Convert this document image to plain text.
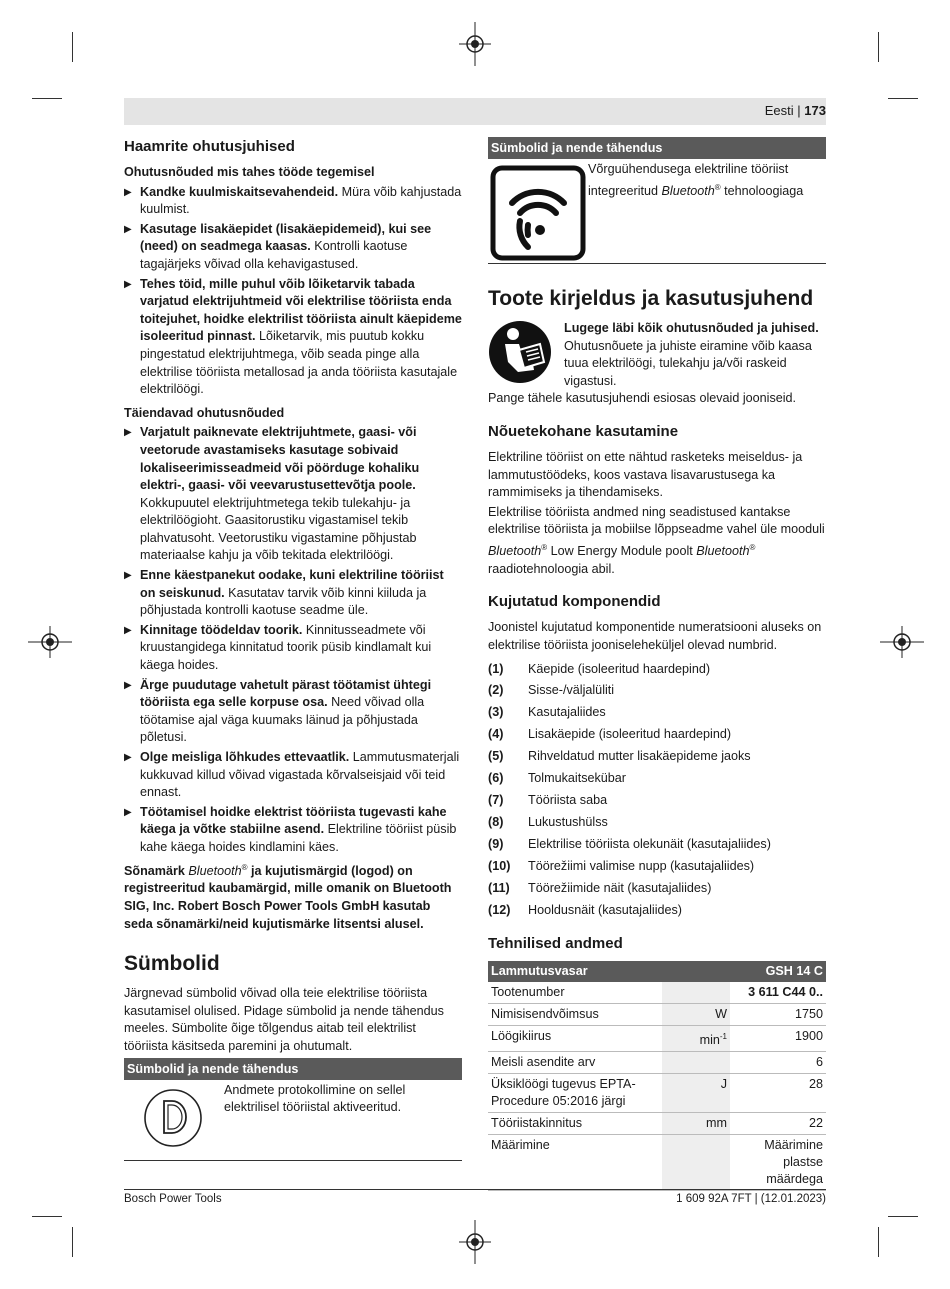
Eesti | 173
Haamrite ohutusjuhised
Ohutusnõuded mis tahes tööde tegemisel
▶ Kandke kuulmiskaitsevahendeid. Müra võib kahjustada kuulmist.
▶ Kasutage lisakäepidet (lisakäepidemeid), kui see (need) on seadmega kaasas. Kontrolli kaotuse tagajärjeks võivad olla kehavigastused.
▶ Tehes töid, mille puhul võib lõiketarvik tabada varjatud elektrijuhtmeid või elektrilise tööriista enda toitejuhet, hoidke elektrilist tööriista ainult käepideme isoleeritud pinnast. Lõiketarvik, mis puutub kokku pingestatud elektrijuhtmega, võib seada pinge alla elektrilise tööriista metallosad ja anda tööriista kasutajale elektrilöögi.
Täiendavad ohutusnõuded
▶ Varjatult paiknevate elektrijuhtmete, gaasi- või veetorude avastamiseks kasutage sobivaid lokaliseerimisseadmeid või pöörduge kohaliku elektri-, gaasi- või veevarustusettevõtja poole. Kokkupuutel elektrijuhtmetega tekib tulekahju- ja elektrilöögioht. Gaasitorustiku vigastamisel tekib plahvatusoht. Veetorustiku vigastamine põhjustab materiaalse kahju ja võib tekitada elektrilöögi.
▶ Enne käestpanekut oodake, kuni elektriline tööriist on seiskunud. Kasutatav tarvik võib kinni kiiluda ja põhjustada kontrolli kaotuse seadme üle.
▶ Kinnitage töödeldav toorik. Kinnitusseadmete või kruustangidega kinnitatud toorik püsib kindlamalt kui käega hoides.
▶ Ärge puudutage vahetult pärast töötamist ühtegi tööriista ega selle korpuse osa. Need võivad olla töötamise ajal väga kuumaks läinud ja põhjustada põletusi.
▶ Olge meisliga lõhkudes ettevaatlik. Lammutusmaterjali kukkuvad killud võivad vigastada kõrvalseisjaid või teid ennast.
▶ Töötamisel hoidke elektrist tööriista tugevasti kahe käega ja võtke stabiilne asend. Elektriline tööriist püsib kahe käega hoides kindlamini käes.

Sõnamärk Bluetooth® ja kujutismärgid (logod) on registreeritud kaubamärgid, mille omanik on Bluetooth SIG, Inc. Robert Bosch Power Tools GmbH kasutab seda sõnamärki/neid kujutismärke litsentsi alusel.

Sümbolid

Järgnevad sümbolid võivad olla teie elektrilise tööriista kasutamisel olulised. Pidage sümbolid ja nende tähendus meeles. Sümbolite õige tõlgendus aitab teil elektrilist tööriista käsitseda paremini ja ohutumalt.

Sümbolid ja nende tähendus
Andmete protokollimine on sellel elektrilisel tööriistal aktiveeritud.
Sümbolid ja nende tähendus
Võrguühendusega elektriline tööriist integreeritud Bluetooth® tehnoloogiaga
Toote kirjeldus ja kasutusjuhend
Lugege läbi kõik ohutusnõuded ja juhised. Ohutusnõuete ja juhiste eiramine võib kaasa tuua elektrilöögi, tulekahju ja/või raskeid vigastusi.

Pange tähele kasutusjuhendi esiosas olevaid jooniseid.

Nõuetekohane kasutamine

Elektriline tööriist on ette nähtud rasketeks meiseldus- ja lammutustöödeks, koos vastava lisavarustusega ka rammimiseks ja tihendamiseks.

Elektrilise tööriista andmed ning seadistused kantakse elektrilise tööriista ja mobiilse lõppseadme vahel üle mooduli Bluetooth® Low Energy Module poolt Bluetooth® raadiotehnoloogia abil.

Kujutatud komponendid

Joonistel kujutatud komponentide numeratsiooni aluseks on elektrilise tööriista jooniseleheküljel olevad numbrid.

(1)	Käepide (isoleeritud haardepind)
(2)	Sisse-/väljalüliti
(3)	Kasutajaliides
(4)	Lisakäepide (isoleeritud haardepind)
(5)	Rihveldatud mutter lisakäepideme jaoks
(6)	Tolmukaitsekübar
(7)	Tööriista saba
(8)	Lukustushülss
(9)	Elektrilise tööriista olekunäit (kasutajaliides)
(10)	Töörežiimi valimise nupp (kasutajaliides)
(11)	Töörežiimide näit (kasutajaliides)
(12)	Hooldusnäit (kasutajaliides)
Tehnilised andmed
Lammutusvasar		GSH 14 C
Tootenumber		3 611 C44 0..
Nimisisendvõimsus	W	1750
Löögikiirus	$\min^{-1}$	1900
Meisli asendite arv		6
Üksiklöögi tugevus EPTA-Procedure 05:2016 järgi	J	28
Tööriistakinnitus	mm	22
Määrimine		Määrimine plastse määrdega
Bosch Power Tools	1 609 92A 7FT | (12.01.2023)
